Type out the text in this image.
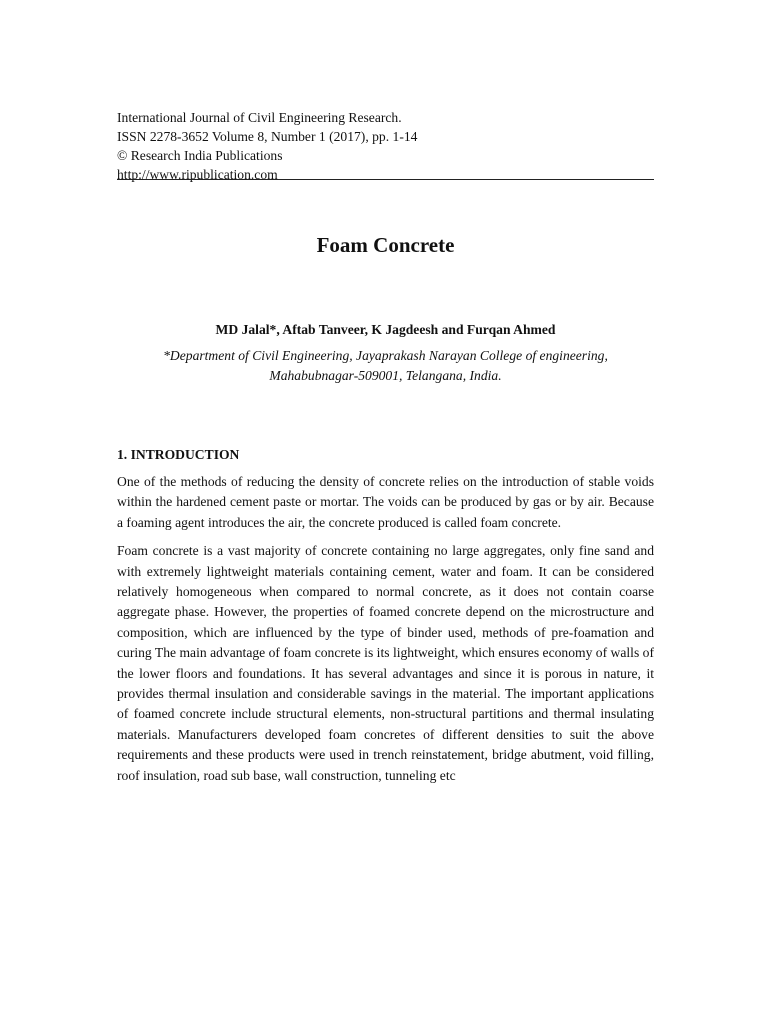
International Journal of Civil Engineering Research.
ISSN 2278-3652 Volume 8, Number 1 (2017), pp. 1-14
© Research India Publications
http://www.ripublication.com
Foam Concrete
MD Jalal*, Aftab Tanveer, K Jagdeesh and Furqan Ahmed
*Department of Civil Engineering, Jayaprakash Narayan College of engineering,
Mahabubnagar-509001, Telangana, India.
1. INTRODUCTION

One of the methods of reducing the density of concrete relies on the introduction of stable voids within the hardened cement paste or mortar. The voids can be produced by gas or by air. Because a foaming agent introduces the air, the concrete produced is called foam concrete.

Foam concrete is a vast majority of concrete containing no large aggregates, only fine sand and with extremely lightweight materials containing cement, water and foam. It can be considered relatively homogeneous when compared to normal concrete, as it does not contain coarse aggregate phase. However, the properties of foamed concrete depend on the microstructure and composition, which are influenced by the type of binder used, methods of pre-foamation and curing The main advantage of foam concrete is its lightweight, which ensures economy of walls of the lower floors and foundations. It has several advantages and since it is porous in nature, it provides thermal insulation and considerable savings in the material. The important applications of foamed concrete include structural elements, non-structural partitions and thermal insulating materials. Manufacturers developed foam concretes of different densities to suit the above requirements and these products were used in trench reinstatement, bridge abutment, void filling, roof insulation, road sub base, wall construction, tunneling etc
